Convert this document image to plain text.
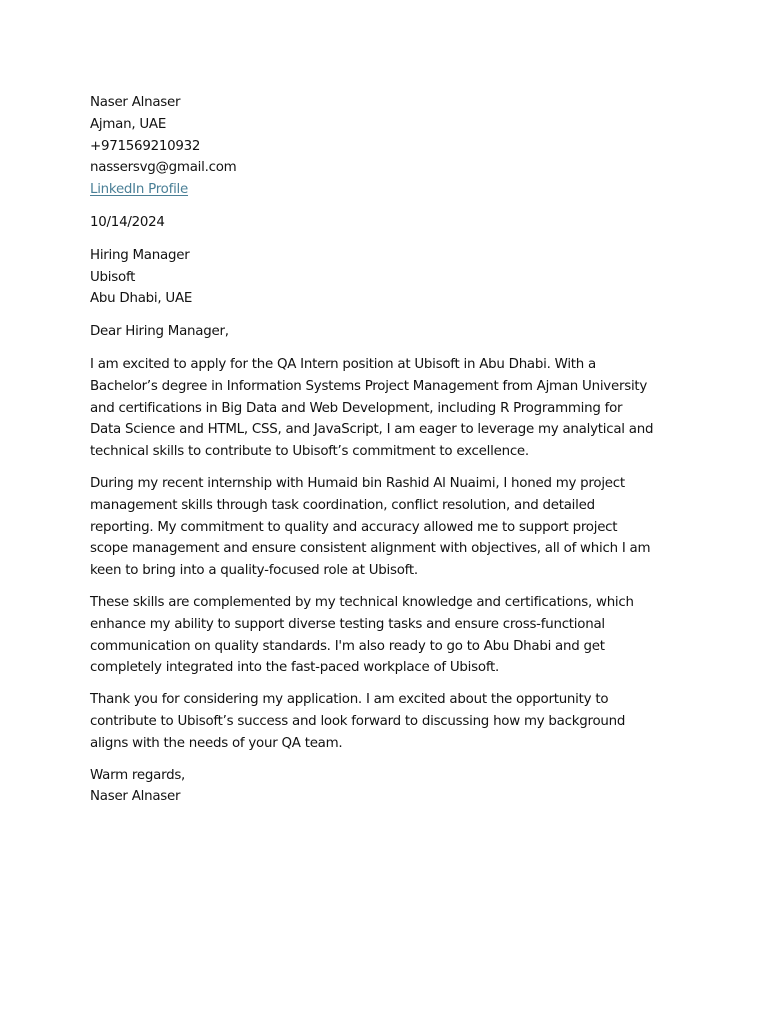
Naser Alnaser
Ajman, UAE
+971569210932
nassersvg@gmail.com
LinkedIn Profile
10/14/2024
Hiring Manager
Ubisoft
Abu Dhabi, UAE
Dear Hiring Manager,
I am excited to apply for the QA Intern position at Ubisoft in Abu Dhabi. With a
Bachelor’s degree in Information Systems Project Management from Ajman University
and certifications in Big Data and Web Development, including R Programming for
Data Science and HTML, CSS, and JavaScript, I am eager to leverage my analytical and
technical skills to contribute to Ubisoft’s commitment to excellence.
During my recent internship with Humaid bin Rashid Al Nuaimi, I honed my project
management skills through task coordination, conflict resolution, and detailed
reporting. My commitment to quality and accuracy allowed me to support project
scope management and ensure consistent alignment with objectives, all of which I am
keen to bring into a quality-focused role at Ubisoft.
These skills are complemented by my technical knowledge and certifications, which
enhance my ability to support diverse testing tasks and ensure cross-functional
communication on quality standards. I'm also ready to go to Abu Dhabi and get
completely integrated into the fast-paced workplace of Ubisoft.
Thank you for considering my application. I am excited about the opportunity to
contribute to Ubisoft’s success and look forward to discussing how my background
aligns with the needs of your QA team.
Warm regards,
Naser Alnaser
